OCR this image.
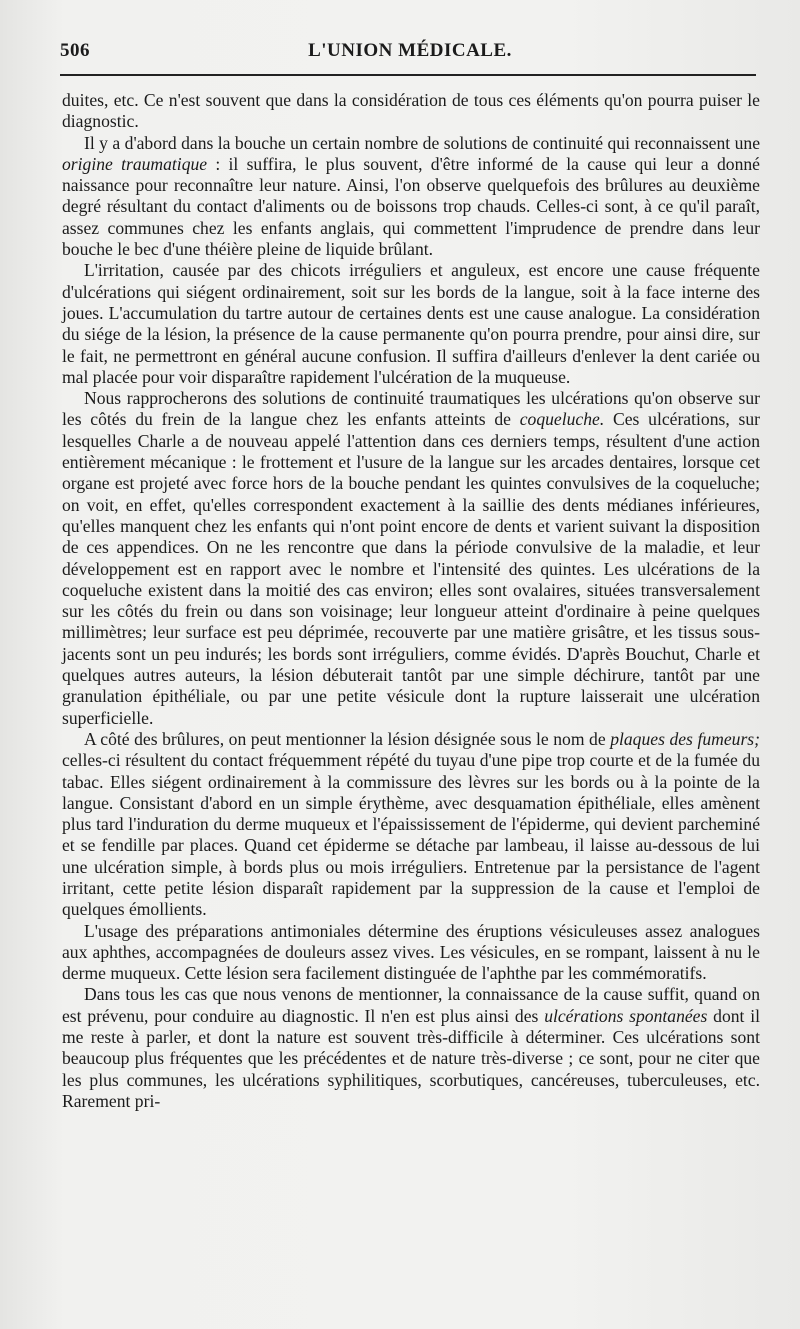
506	L'UNION MÉDICALE.

duites, etc. Ce n'est souvent que dans la considération de tous ces éléments qu'on pourra puiser le diagnostic.

Il y a d'abord dans la bouche un certain nombre de solutions de continuité qui reconnaissent une origine traumatique : il suffira, le plus souvent, d'être informé de la cause qui leur a donné naissance pour reconnaître leur nature. Ainsi, l'on observe quelquefois des brûlures au deuxième degré résultant du contact d'aliments ou de boissons trop chauds. Celles-ci sont, à ce qu'il paraît, assez communes chez les enfants anglais, qui commettent l'imprudence de prendre dans leur bouche le bec d'une théière pleine de liquide brûlant.

L'irritation, causée par des chicots irréguliers et anguleux, est encore une cause fréquente d'ulcérations qui siégent ordinairement, soit sur les bords de la langue, soit à la face interne des joues. L'accumulation du tartre autour de certaines dents est une cause analogue. La considération du siége de la lésion, la présence de la cause permanente qu'on pourra prendre, pour ainsi dire, sur le fait, ne permettront en général aucune confusion. Il suffira d'ailleurs d'enlever la dent cariée ou mal placée pour voir disparaître rapidement l'ulcération de la muqueuse.

Nous rapprocherons des solutions de continuité traumatiques les ulcérations qu'on observe sur les côtés du frein de la langue chez les enfants atteints de coqueluche. Ces ulcérations, sur lesquelles Charle a de nouveau appelé l'attention dans ces derniers temps, résultent d'une action entièrement mécanique : le frottement et l'usure de la langue sur les arcades dentaires, lorsque cet organe est projeté avec force hors de la bouche pendant les quintes convulsives de la coqueluche; on voit, en effet, qu'elles correspondent exactement à la saillie des dents médianes inférieures, qu'elles manquent chez les enfants qui n'ont point encore de dents et varient suivant la disposition de ces appendices. On ne les rencontre que dans la période convulsive de la maladie, et leur développement est en rapport avec le nombre et l'intensité des quintes. Les ulcérations de la coqueluche existent dans la moitié des cas environ; elles sont ovalaires, situées transversalement sur les côtés du frein ou dans son voisinage; leur longueur atteint d'ordinaire à peine quelques millimètres; leur surface est peu déprimée, recouverte par une matière grisâtre, et les tissus sous-jacents sont un peu indurés; les bords sont irréguliers, comme évidés. D'après Bouchut, Charle et quelques autres auteurs, la lésion débuterait tantôt par une simple déchirure, tantôt par une granulation épithéliale, ou par une petite vésicule dont la rupture laisserait une ulcération superficielle.

A côté des brûlures, on peut mentionner la lésion désignée sous le nom de plaques des fumeurs; celles-ci résultent du contact fréquemment répété du tuyau d'une pipe trop courte et de la fumée du tabac. Elles siégent ordinairement à la commissure des lèvres sur les bords ou à la pointe de la langue. Consistant d'abord en un simple érythème, avec desquamation épithéliale, elles amènent plus tard l'induration du derme muqueux et l'épaississement de l'épiderme, qui devient parcheminé et se fendille par places. Quand cet épiderme se détache par lambeau, il laisse au-dessous de lui une ulcération simple, à bords plus ou mois irréguliers. Entretenue par la persistance de l'agent irritant, cette petite lésion disparaît rapidement par la suppression de la cause et l'emploi de quelques émollients.

L'usage des préparations antimoniales détermine des éruptions vésiculeuses assez analogues aux aphthes, accompagnées de douleurs assez vives. Les vésicules, en se rompant, laissent à nu le derme muqueux. Cette lésion sera facilement distinguée de l'aphthe par les commémoratifs.

Dans tous les cas que nous venons de mentionner, la connaissance de la cause suffit, quand on est prévenu, pour conduire au diagnostic. Il n'en est plus ainsi des ulcérations spontanées dont il me reste à parler, et dont la nature est souvent très-difficile à déterminer. Ces ulcérations sont beaucoup plus fréquentes que les précédentes et de nature très-diverse ; ce sont, pour ne citer que les plus communes, les ulcérations syphilitiques, scorbutiques, cancéreuses, tuberculeuses, etc. Rarement pri-
